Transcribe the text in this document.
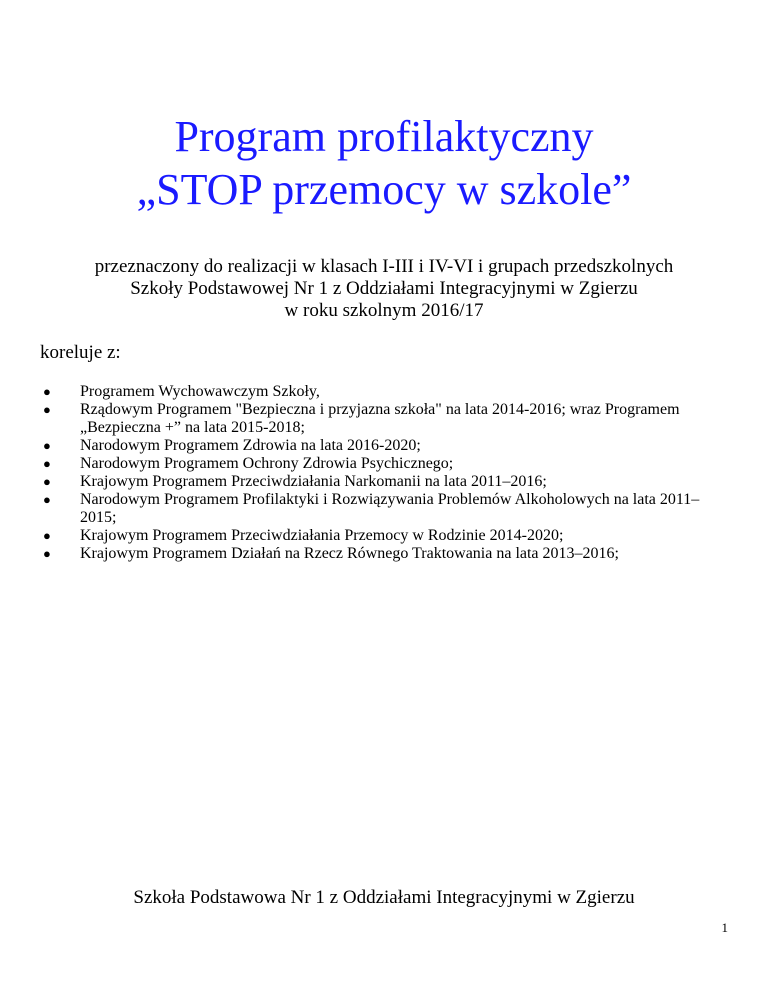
Program profilaktyczny
„STOP przemocy w szkole”

przeznaczony do realizacji w klasach I-III i IV-VI i grupach przedszkolnych
Szkoły Podstawowej Nr 1 z Oddziałami Integracyjnymi w Zgierzu
w roku szkolnym 2016/17

koreluje z:

● Programem Wychowawczym Szkoły,
● Rządowym Programem "Bezpieczna i przyjazna szkoła" na lata 2014-2016; wraz Programem „Bezpieczna +” na lata 2015-2018;
● Narodowym Programem Zdrowia na lata 2016-2020;
● Narodowym Programem Ochrony Zdrowia Psychicznego;
● Krajowym Programem Przeciwdziałania Narkomanii na lata 2011–2016;
● Narodowym Programem Profilaktyki i Rozwiązywania Problemów Alkoholowych na lata 2011–2015;
● Krajowym Programem Przeciwdziałania Przemocy w Rodzinie 2014-2020;
● Krajowym Programem Działań na Rzecz Równego Traktowania na lata 2013–2016;

Szkoła Podstawowa Nr 1 z Oddziałami Integracyjnymi w Zgierzu

1
